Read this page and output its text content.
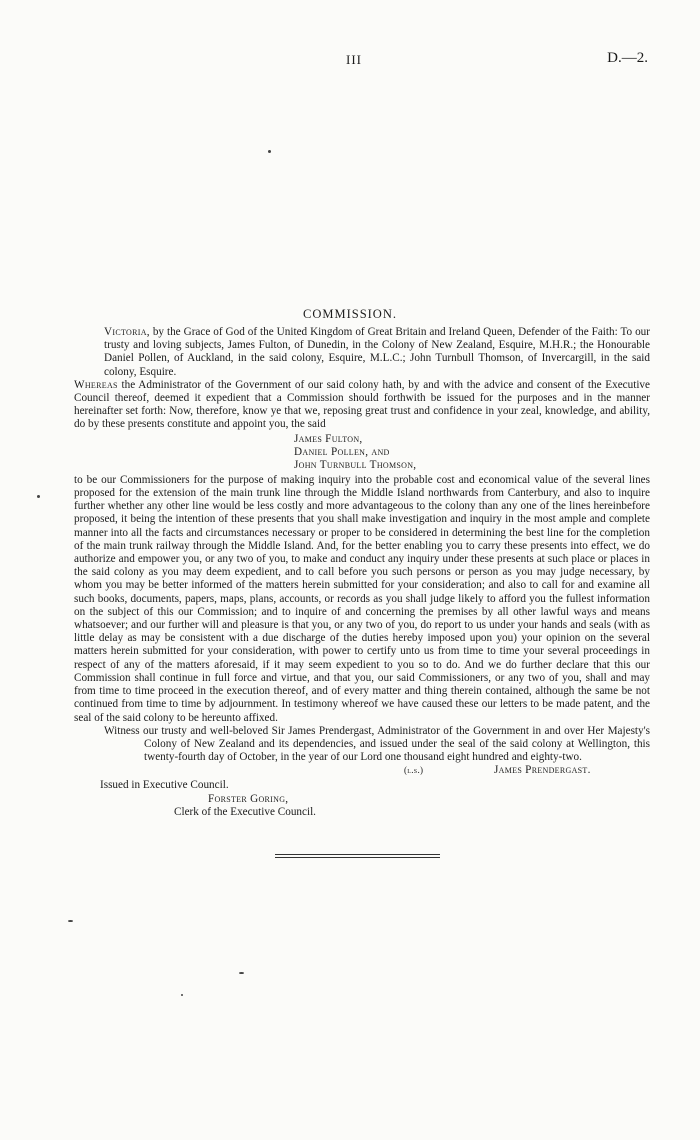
III	D.—2.
COMMISSION.

Victoria, by the Grace of God of the United Kingdom of Great Britain and Ireland Queen, Defender of the Faith: To our trusty and loving subjects, James Fulton, of Dunedin, in the Colony of New Zealand, Esquire, M.H.R.; the Honourable Daniel Pollen, of Auckland, in the said colony, Esquire, M.L.C.; John Turnbull Thomson, of Invercargill, in the said colony, Esquire.

Whereas the Administrator of the Government of our said colony hath, by and with the advice and consent of the Executive Council thereof, deemed it expedient that a Commission should forthwith be issued for the purposes and in the manner hereinafter set forth: Now, therefore, know ye that we, reposing great trust and confidence in your zeal, knowledge, and ability, do by these presents constitute and appoint you, the said

James Fulton,
Daniel Pollen, and
John Turnbull Thomson,

to be our Commissioners for the purpose of making inquiry into the probable cost and economical value of the several lines proposed for the extension of the main trunk line through the Middle Island northwards from Canterbury, and also to inquire further whether any other line would be less costly and more advantageous to the colony than any one of the lines hereinbefore proposed, it being the intention of these presents that you shall make investigation and inquiry in the most ample and complete manner into all the facts and circumstances necessary or proper to be considered in determining the best line for the completion of the main trunk railway through the Middle Island. And, for the better enabling you to carry these presents into effect, we do authorize and empower you, or any two of you, to make and conduct any inquiry under these presents at such place or places in the said colony as you may deem expedient, and to call before you such persons or person as you may judge necessary, by whom you may be better informed of the matters herein submitted for your consideration; and also to call for and examine all such books, documents, papers, maps, plans, accounts, or records as you shall judge likely to afford you the fullest information on the subject of this our Commission; and to inquire of and concerning the premises by all other lawful ways and means whatsoever; and our further will and pleasure is that you, or any two of you, do report to us under your hands and seals (with as little delay as may be consistent with a due discharge of the duties hereby imposed upon you) your opinion on the several matters herein submitted for your consideration, with power to certify unto us from time to time your several proceedings in respect of any of the matters aforesaid, if it may seem expedient to you so to do. And we do further declare that this our Commission shall continue in full force and virtue, and that you, our said Commissioners, or any two of you, shall and may from time to time proceed in the execution thereof, and of every matter and thing therein contained, although the same be not continued from time to time by adjournment. In testimony whereof we have caused these our letters to be made patent, and the seal of the said colony to be hereunto affixed.

Witness our trusty and well-beloved Sir James Prendergast, Administrator of the Government in and over Her Majesty's Colony of New Zealand and its dependencies, and issued under the seal of the said colony at Wellington, this twenty-fourth day of October, in the year of our Lord one thousand eight hundred and eighty-two.

(l.s.)	James Prendergast.
Issued in Executive Council.
Forster Goring,
Clerk of the Executive Council.
